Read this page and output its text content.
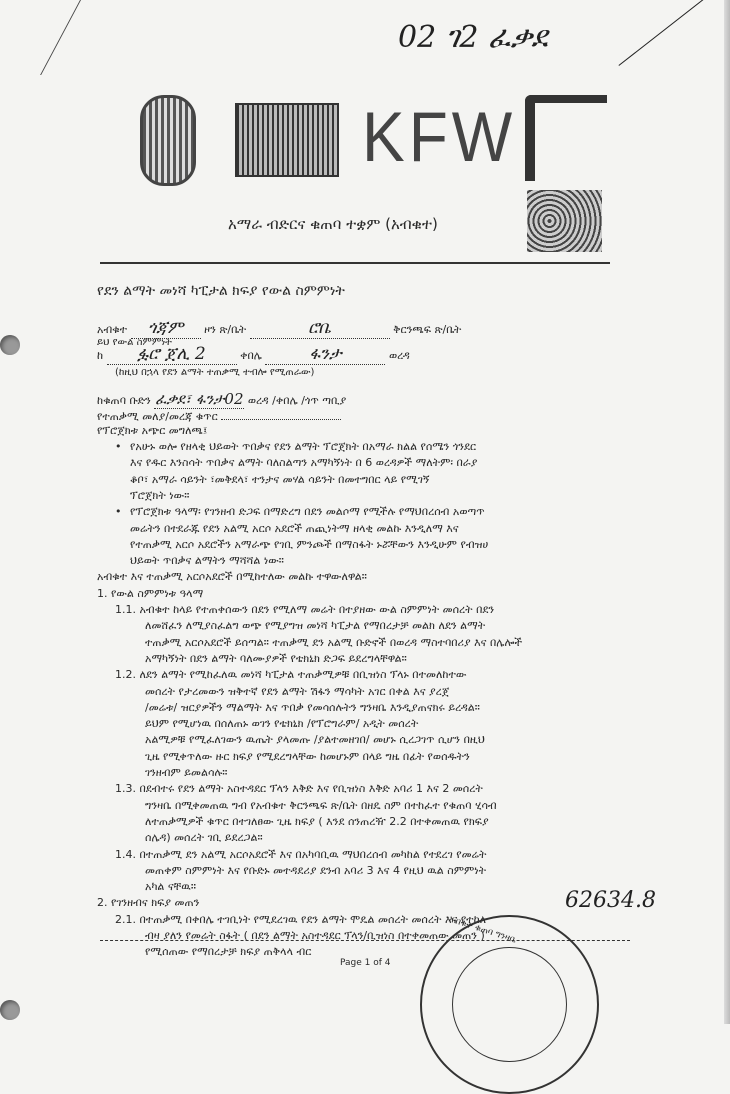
02 ገ2 ፈቃደ
KFW
አማራ ብድርና ቁጠባ ተቋም (አብቁተ)
የደን ልማት መነሻ ካፒታል ክፍያ የውል ስምምነት
አብቁተ ጎጃም ዞን ጽ/ቤት	ሮቤ	ቅርንጫፍ ጽ/ቤት
ይህ የውል ስምምነት
ከ ፏሮ ጀሊ 2	ቀበሌ	ፋንታ	ወረዳ
(ከዚህ በኋላ የደን ልማት ተጠቃሚ ተብሎ የሚጠራው)
ከቁጠባ ቡድን ፈቃደ፣ ፋንታ02 ወረዳ /ቀበሌ /ጎጥ ጣቢያ
የተጠቃሚ መለያ/መረጃ ቁጥር
የፕሮጀክቱ አጭር መግለጫ፤
• የአሁኑ ወሎ የዘላቂ ህይወት ጥበቃና የደን ልማት ፕሮጀክት በአማራ ክልል የሰሜን ጎንደር
እና የዱር እንስሳት ጥበቃና ልማት ባለስልጣን አማካኝነት በ 6 ወረዳዎች ማለትም፡ በራያ
ቆቦ፣ አማራ ሳይንት ፣መቅደላ፣ ተንታና መሃል ሳይንት በመተግበር ላይ የሚገኝ
ፕሮጀክት ነው።
• የፕሮጀክቱ ዓላማ፡ የገንዘብ ድጋፍ በማድረግ በደን መልሶማ የሚችሉ የማህበረሰብ አወጣጥ
መሬትን በተደራጁ የደን አልሚ አርሶ አደሮች ጠጪነትማ ዘላቂ መልኩ እንዲለማ እና
የተጠቃሚ አርሶ አደሮችን አማራጭ የገቢ ምንጮች በማስፋት ኑሯቸውን እንዲሁም የብዝሀ
ህይወት ጥበቃና ልማትን ማሻሻል ነው።
አብቁተ እና ተጠቃሚ አርሶአደሮች በሚከተለው መልኩ ተዋውለዋል።
1. የውል ስምምነቱ ዓላማ
1.1. አብቁተ ከላይ የተጠቀሰውን በደን የሚለማ መሬት በተያዘው ውል ስምምነት መሰረት በደን
ለመሸፈን ለሚያስፈልግ ወጭ የሚያግዝ መነሻ ካፒታል የማበረታቻ መልክ ለደን ልማት
ተጠቃሚ አርሶአደሮች ይሰጣል። ተጠቃሚ ደን አልሚ ቡድኖች በወረዳ ማስተባበሪያ እና በሌሎች
አማካኝነት በደን ልማት ባለሙያዎች የቴክኒክ ድጋፍ ይደረግላቸዋል።
1.2. ለደን ልማት የሚከፈለዉ መነሻ ካፒታል ተጠቃሚዎቹ በቢዝነስ ፕላኑ በተመለከተው
መሰረት የታረመውን ዝቅተኛ የደን ልማት ሽፋን ማሳካት አገር በቀል እና ያረጀ
/መሬቱ/ ዝርያዎችን ማልማት እና ጥበቃ የመሳሰሉትን ግንዛቤ እንዲያጠናክሩ ይረዳል።
ይህም የሚሆነዉ በሰለጠኑ ወገን የቴክኒክ /የፕሮግራም/ አዲት መሰረት
አልሚዎቹ የሚፈለገውን ዉጤት ያላመጡ /ያልተመዘገበ/ መሆኑ ሲረጋገጥ ሲሆን በዚህ
ጊዜ የሚቀጥለው ዙር ክፍያ የሚደረግላቸው ከመሆኑም በላይ ግዜ በፊት የወሰዱትን
ገንዘብም ይመልሳሉ።
1.3. በደብተሩ የደን ልማት አስተዳደር ፕላን እቅድ እና የቢዝነስ እቅድ አባሪ 1 እና 2 መሰረት
ግንዛቤ በሚቀመጠዉ ግብ የአብቁተ ቅርንጫፍ ጽ/ቤት በዘዴ ስም በተከፈተ የቁጠባ ሂሳብ
ለተጠቃሚዎች ቁጥር በተገለፀው ጊዜ ክፍያ ( እንደ ሰንጠረዥ 2.2 በተቀመጠዉ የክፍያ
ሰሌዳ) መሰረት ገቢ ይደረጋል።
1.4. በተጠቃሚ ደን አልሚ አርሶአደሮች እና በአካባቢዉ ማህበረሰብ መካከል የተደረገ የመሬት
መጠቀም ስምምነት እና የቡድኑ መተዳደሪያ ደንብ አባሪ 3 እና 4 የዚህ ዉል ስምምነት
አካል ናቸዉ።
2. የገንዘብና ክፍያ መጠን
2.1. በተጠቃሚ በቀበሌ ተገቢነት የሚደረገዉ የደን ልማት ሞዴል መሰረት መሰረት እና የተከለ
ብዛ ያለን የመሬት ስፋት ( በደን ልማት አስተዳደር ፕላን/ቢዝነስ በተቀመጠው መጠን )
የሚሰጠው የማበረታቻ ክፍያ ጠቅላላ ብር
62634.8
Page 1 of 4
አብቁተ ቁጠባ ግንዛቤ
